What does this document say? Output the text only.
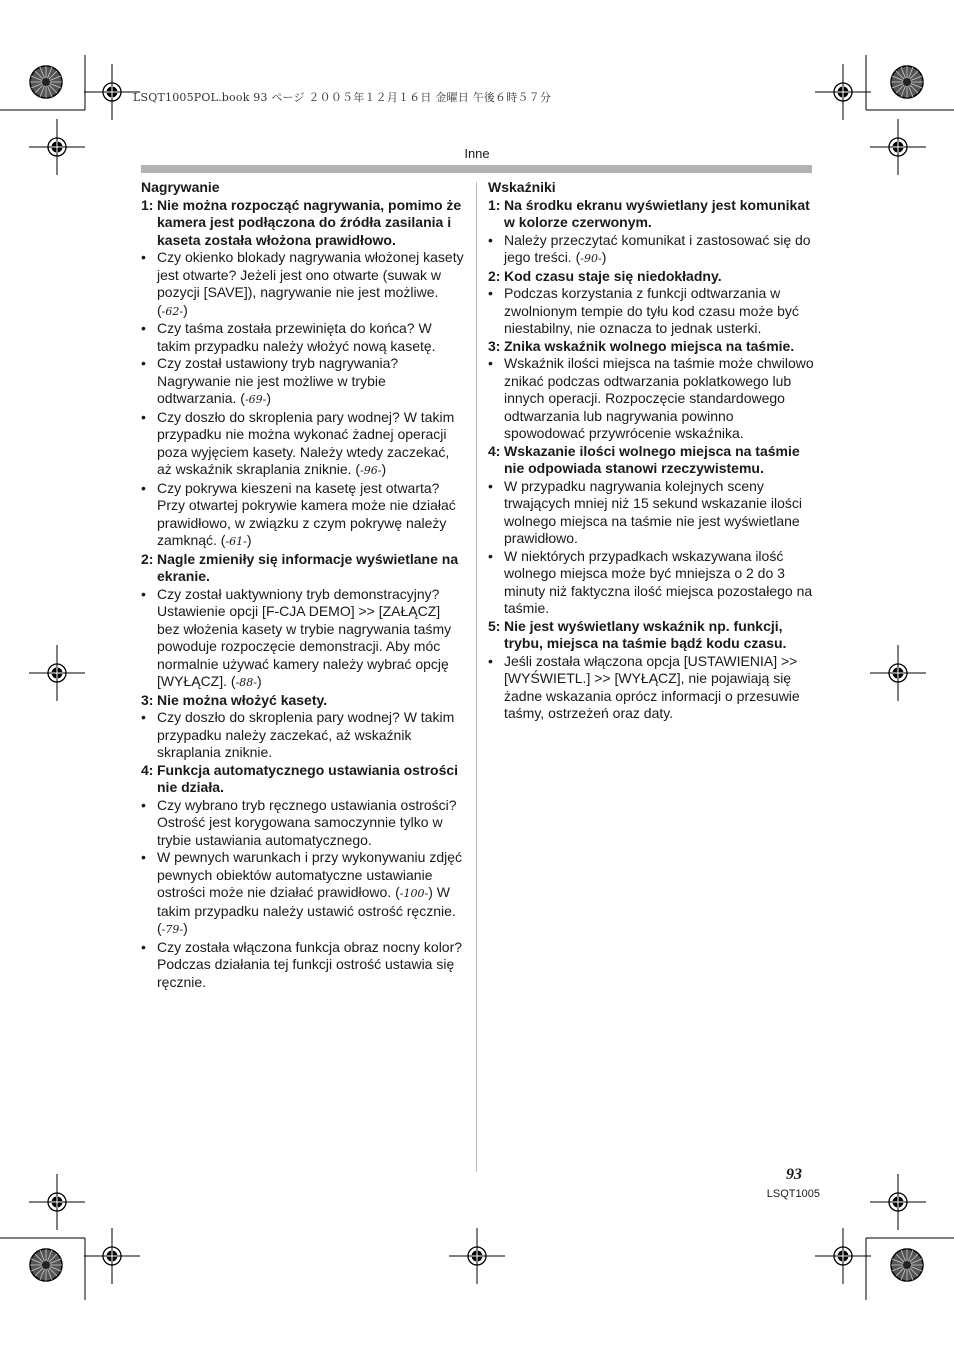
LSQT1005POL.book 93 ページ ２００５年１２月１６日 金曜日 午後６時５７分
Inne
Nagrywanie
1: Nie można rozpocząć nagrywania, pomimo że kamera jest podłączona do źródła zasilania i kaseta została włożona prawidłowo.
• Czy okienko blokady nagrywania włożonej kasety jest otwarte? Jeżeli jest ono otwarte (suwak w pozycji [SAVE]), nagrywanie nie jest możliwe. (-62-)
• Czy taśma została przewinięta do końca? W takim przypadku należy włożyć nową kasetę.
• Czy został ustawiony tryb nagrywania? Nagrywanie nie jest możliwe w trybie odtwarzania. (-69-)
• Czy doszło do skroplenia pary wodnej? W takim przypadku nie można wykonać żadnej operacji poza wyjęciem kasety. Należy wtedy zaczekać, aż wskaźnik skraplania zniknie. (-96-)
• Czy pokrywa kieszeni na kasetę jest otwarta? Przy otwartej pokrywie kamera może nie działać prawidłowo, w związku z czym pokrywę należy zamknąć. (-61-)
2: Nagle zmieniły się informacje wyświetlane na ekranie.
• Czy został uaktywniony tryb demonstracyjny? Ustawienie opcji [F-CJA DEMO] >> [ZAŁĄCZ] bez włożenia kasety w trybie nagrywania taśmy powoduje rozpoczęcie demonstracji. Aby móc normalnie używać kamery należy wybrać opcję [WYŁĄCZ]. (-88-)
3: Nie można włożyć kasety.
• Czy doszło do skroplenia pary wodnej? W takim przypadku należy zaczekać, aż wskaźnik skraplania zniknie.
4: Funkcja automatycznego ustawiania ostrości nie działa.
• Czy wybrano tryb ręcznego ustawiania ostrości? Ostrość jest korygowana samoczynnie tylko w trybie ustawiania automatycznego.
• W pewnych warunkach i przy wykonywaniu zdjęć pewnych obiektów automatyczne ustawianie ostrości może nie działać prawidłowo. (-100-) W takim przypadku należy ustawić ostrość ręcznie. (-79-)
• Czy została włączona funkcja obraz nocny kolor? Podczas działania tej funkcji ostrość ustawia się ręcznie.
Wskaźniki
1: Na środku ekranu wyświetlany jest komunikat w kolorze czerwonym.
• Należy przeczytać komunikat i zastosować się do jego treści. (-90-)
2: Kod czasu staje się niedokładny.
• Podczas korzystania z funkcji odtwarzania w zwolnionym tempie do tyłu kod czasu może być niestabilny, nie oznacza to jednak usterki.
3: Znika wskaźnik wolnego miejsca na taśmie.
• Wskaźnik ilości miejsca na taśmie może chwilowo znikać podczas odtwarzania poklatkowego lub innych operacji. Rozpoczęcie standardowego odtwarzania lub nagrywania powinno spowodować przywrócenie wskaźnika.
4: Wskazanie ilości wolnego miejsca na taśmie nie odpowiada stanowi rzeczywistemu.
• W przypadku nagrywania kolejnych sceny trwających mniej niż 15 sekund wskazanie ilości wolnego miejsca na taśmie nie jest wyświetlane prawidłowo.
• W niektórych przypadkach wskazywana ilość wolnego miejsca może być mniejsza o 2 do 3 minuty niż faktyczna ilość miejsca pozostałego na taśmie.
5: Nie jest wyświetlany wskaźnik np. funkcji, trybu, miejsca na taśmie bądź kodu czasu.
• Jeśli została włączona opcja [USTAWIENIA] >> [WYŚWIETL.] >> [WYŁĄCZ], nie pojawiają się żadne wskazania oprócz informacji o przesuwie taśmy, ostrzeżeń oraz daty.
93
LSQT1005
